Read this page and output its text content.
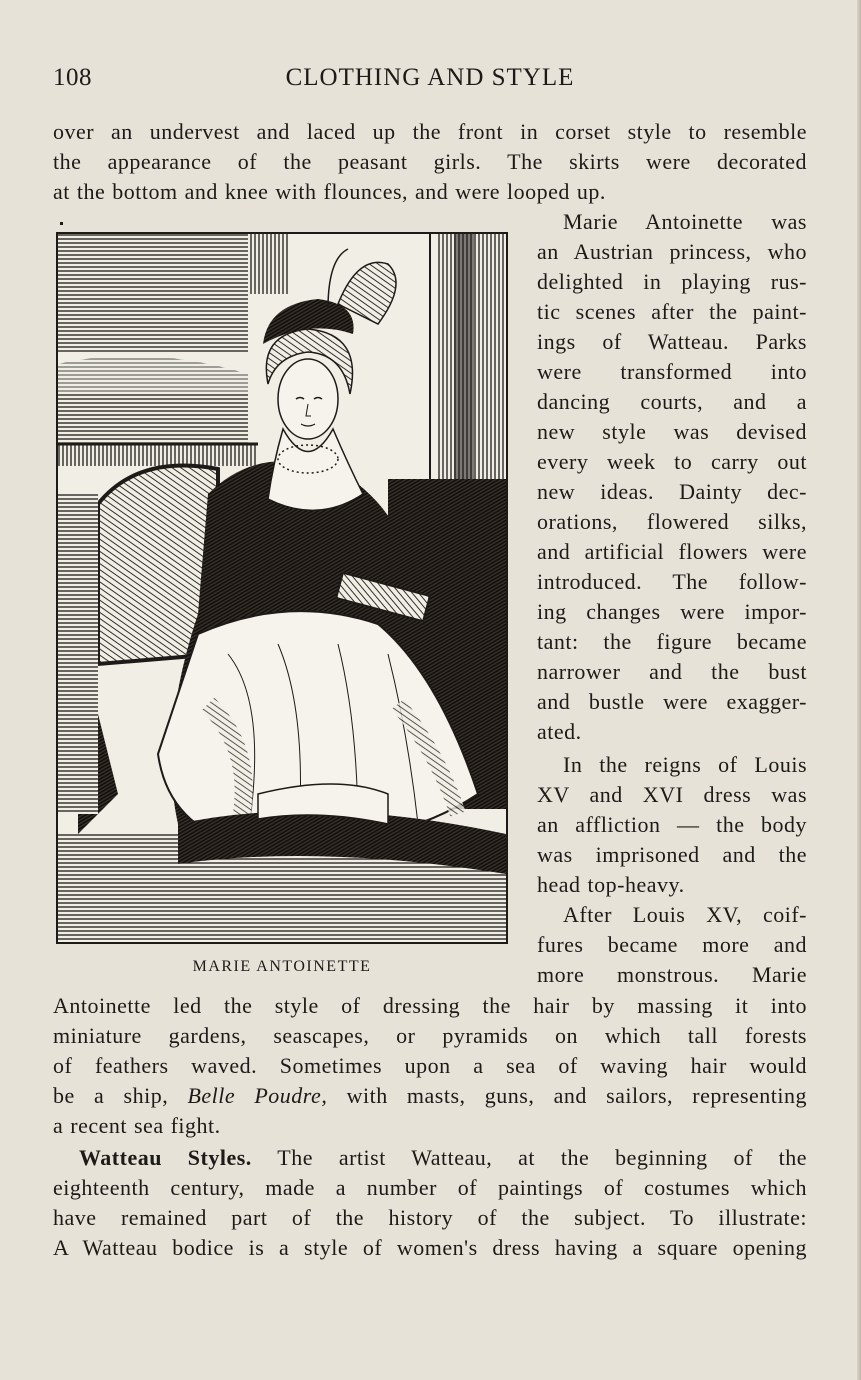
108	CLOTHING AND STYLE
over an undervest and laced up the front in corset style to resemble
the appearance of the peasant girls. The skirts were decorated
at the bottom and knee with flounces, and were looped up.
MARIE ANTOINETTE
Marie Antoinette was
an Austrian princess, who
delighted in playing rus-
tic scenes after the paint-
ings of Watteau. Parks
were transformed into
dancing courts, and a
new style was devised
every week to carry out
new ideas. Dainty dec-
orations, flowered silks,
and artificial flowers were
introduced. The follow-
ing changes were impor-
tant: the figure became
narrower and the bust
and bustle were exagger-
ated.
In the reigns of Louis
XV and XVI dress was
an affliction — the body
was imprisoned and the
head top-heavy.
After Louis XV, coif-
fures became more and
more monstrous. Marie
Antoinette led the style of dressing the hair by massing it into
miniature gardens, seascapes, or pyramids on which tall forests
of feathers waved. Sometimes upon a sea of waving hair would
be a ship, Belle Poudre, with masts, guns, and sailors, representing
a recent sea fight.
Watteau Styles. The artist Watteau, at the beginning of the
eighteenth century, made a number of paintings of costumes which
have remained part of the history of the subject. To illustrate:
A Watteau bodice is a style of women's dress having a square opening
